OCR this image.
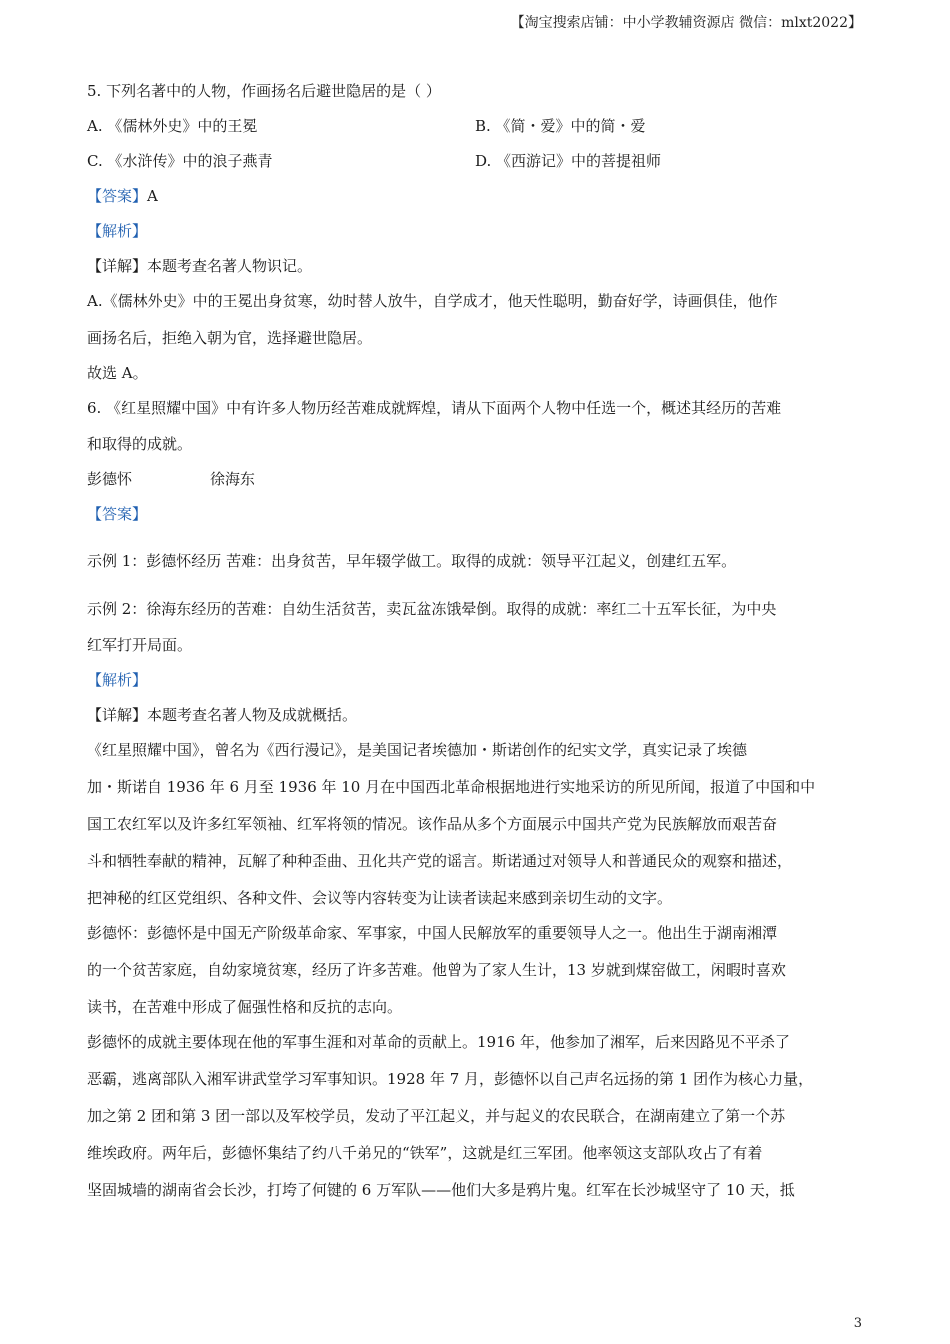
【淘宝搜索店铺：中小学教辅资源店 微信：mlxt2022】
5. 下列名著中的人物，作画扬名后避世隐居的是（ ）
A. 《儒林外史》中的王冕	B. 《简・爱》中的简・爱
C. 《水浒传》中的浪子燕青	D. 《西游记》中的菩提祖师
【答案】A
【解析】
【详解】本题考查名著人物识记。
A.《儒林外史》中的王冕出身贫寒，幼时替人放牛，自学成才，他天性聪明，勤奋好学，诗画俱佳，他作
画扬名后，拒绝入朝为官，选择避世隐居。
故选 A。
6. 《红星照耀中国》中有许多人物历经苦难成就辉煌，请从下面两个人物中任选一个，概述其经历的苦难
和取得的成就。
彭德怀	徐海东
【答案】
示例 1：彭德怀经历 苦难：出身贫苦，早年辍学做工。取得的成就：领导平江起义，创建红五军。
示例 2：徐海东经历的苦难：自幼生活贫苦，卖瓦盆冻饿晕倒。取得的成就：率红二十五军长征，为中央
红军打开局面。
【解析】
【详解】本题考查名著人物及成就概括。
《红星照耀中国》，曾名为《西行漫记》，是美国记者埃德加・斯诺创作的纪实文学，真实记录了埃德
加・斯诺自 1936 年 6 月至 1936 年 10 月在中国西北革命根据地进行实地采访的所见所闻，报道了中国和中
国工农红军以及许多红军领袖、红军将领的情况。该作品从多个方面展示中国共产党为民族解放而艰苦奋
斗和牺牲奉献的精神，瓦解了种种歪曲、丑化共产党的谣言。斯诺通过对领导人和普通民众的观察和描述，
把神秘的红区党组织、各种文件、会议等内容转变为让读者读起来感到亲切生动的文字。
彭德怀：彭德怀是中国无产阶级革命家、军事家，中国人民解放军的重要领导人之一。他出生于湖南湘潭
的一个贫苦家庭，自幼家境贫寒，经历了许多苦难。他曾为了家人生计，13 岁就到煤窑做工，闲暇时喜欢
读书，在苦难中形成了倔强性格和反抗的志向。
彭德怀的成就主要体现在他的军事生涯和对革命的贡献上。1916 年，他参加了湘军，后来因路见不平杀了
恶霸，逃离部队入湘军讲武堂学习军事知识。1928 年 7 月，彭德怀以自己声名远扬的第 1 团作为核心力量，
加之第 2 团和第 3 团一部以及军校学员，发动了平江起义，并与起义的农民联合，在湖南建立了第一个苏
维埃政府。两年后，彭德怀集结了约八千弟兄的“铁军”，这就是红三军团。他率领这支部队攻占了有着
坚固城墙的湖南省会长沙，打垮了何键的 6 万军队——他们大多是鸦片鬼。红军在长沙城坚守了 10 天，抵
3
